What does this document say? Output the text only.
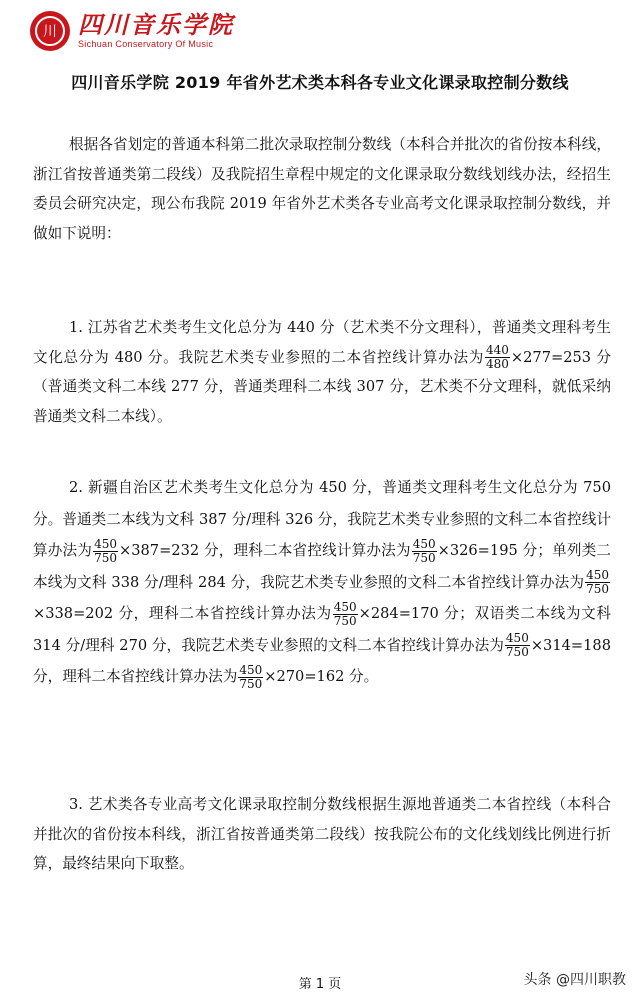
川 四川音乐学院
Sichuan Conservatory Of Music
四川音乐学院 2019 年省外艺术类本科各专业文化课录取控制分数线

根据各省划定的普通本科第二批次录取控制分数线（本科合并批次的省份按本科线，浙江省按普通类第二段线）及我院招生章程中规定的文化课录取分数线划线办法，经招生委员会研究决定，现公布我院 2019 年省外艺术类各专业高考文化课录取控制分数线，并做如下说明：

1. 江苏省艺术类考生文化总分为 440 分（艺术类不分文理科），普通类文理科考生文化总分为 480 分。我院艺术类专业参照的二本省控线计算办法为 $\frac{440}{480} \times 277=253$ 分（普通类文科二本线 277 分，普通类理科二本线 307 分，艺术类不分文理科，就低采纳普通类文科二本线）。

2. 新疆自治区艺术类考生文化总分为 450 分，普通类文理科考生文化总分为 750 分。普通类二本线为文科 387 分/理科 326 分，我院艺术类专业参照的文科二本省控线计算办法为 $\frac{450}{750} \times 387=232$ 分，理科二本省控线计算办法为 $\frac{450}{750} \times 326=195$ 分；单列类二本线为文科 338 分/理科 284 分，我院艺术类专业参照的文科二本省控线计算办法为 $\frac{450}{750}$
×338=202 分，理科二本省控线计算办法为 $\frac{450}{750} \times 284=170$ 分；双语类二本线为文科 314 分/理科 270 分，我院艺术类专业参照的文科二本省控线计算办法为 $\frac{450}{750} \times 314=188$ 分，理科二本省控线计算办法为 $\frac{450}{750} \times 270=162$ 分。

3. 艺术类各专业高考文化课录取控制分数线根据生源地普通类二本省控线（本科合并批次的省份按本科线，浙江省按普通类第二段线）按我院公布的文化线划线比例进行折算，最终结果向下取整。

第 1 页	头条 @四川职教
